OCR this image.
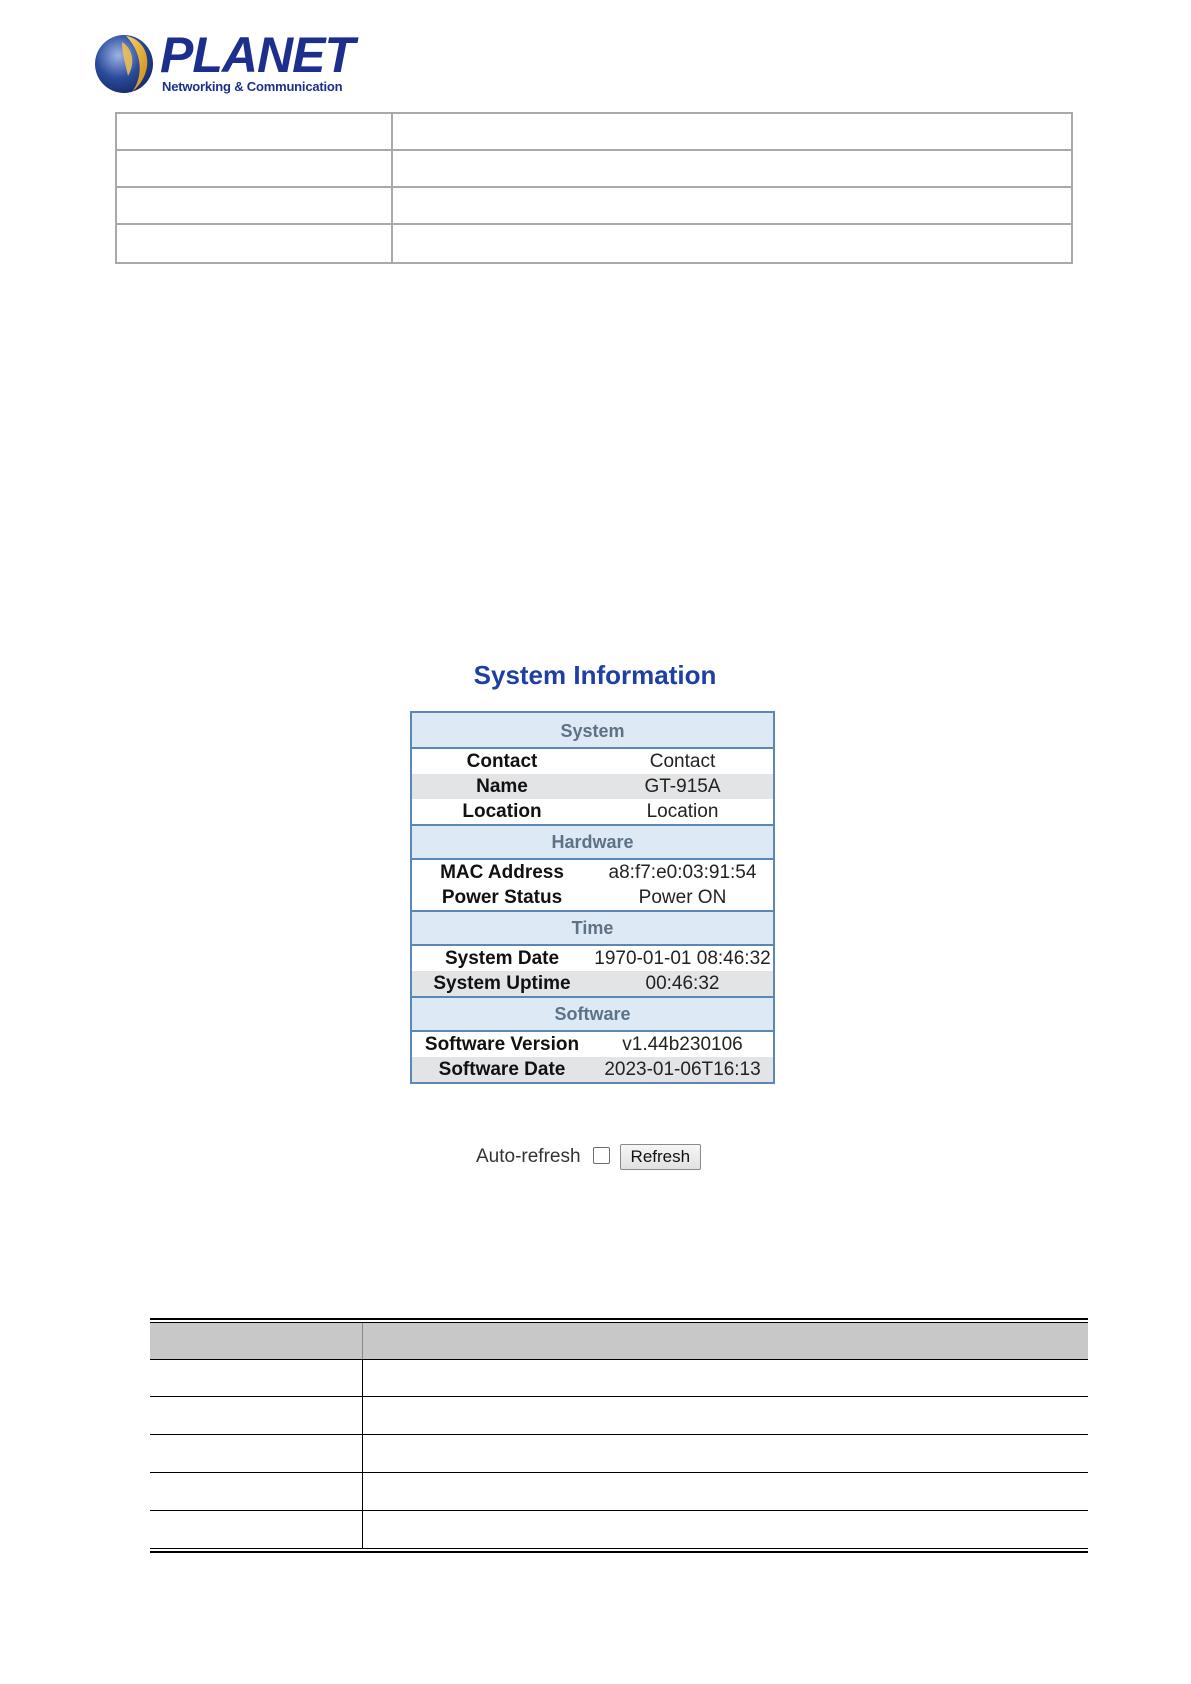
PLANET
Networking & Communication
System Information
System
Contact	Contact
Name	GT-915A
Location	Location
Hardware
MAC Address	a8:f7:e0:03:91:54
Power Status	Power ON
Time
System Date	1970-01-01 08:46:32
System Uptime	00:46:32
Software
Software Version	v1.44b230106
Software Date	2023-01-06T16:13
Auto-refresh	Refresh
